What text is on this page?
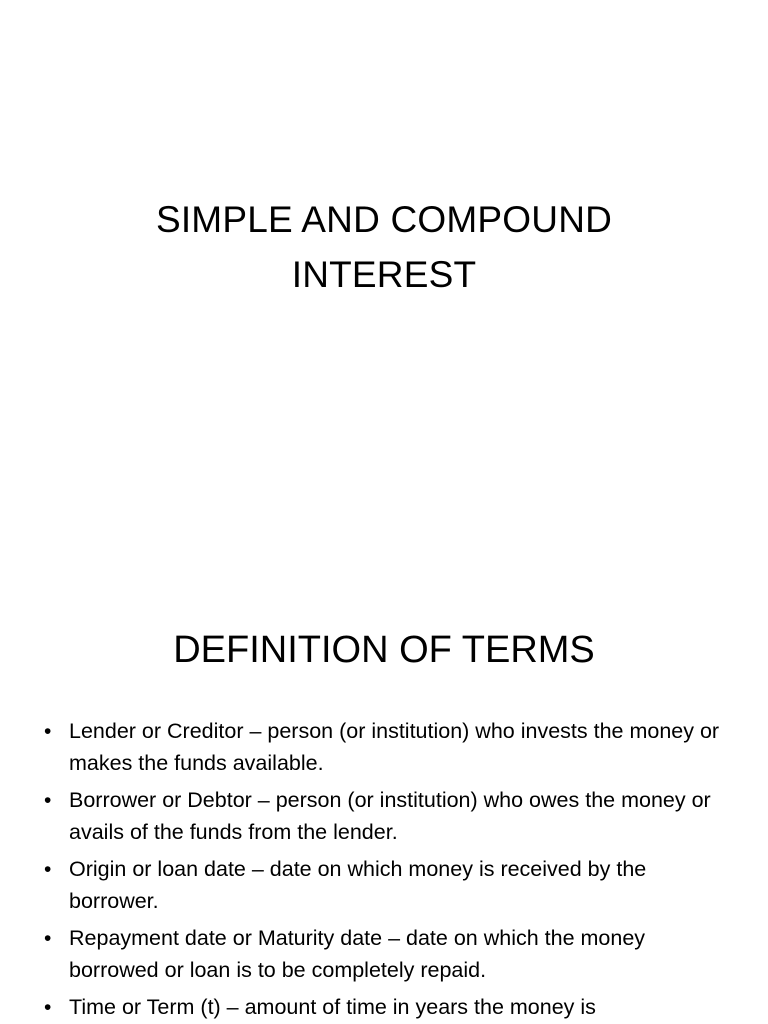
SIMPLE AND COMPOUND
INTEREST
DEFINITION OF TERMS
• Lender or Creditor – person (or institution) who invests the money or makes the funds available.
• Borrower or Debtor – person (or institution) who owes the money or avails of the funds from the lender.
• Origin or loan date – date on which money is received by the borrower.
• Repayment date or Maturity date – date on which the money borrowed or loan is to be completely repaid.
• Time or Term (t) – amount of time in years the money is
